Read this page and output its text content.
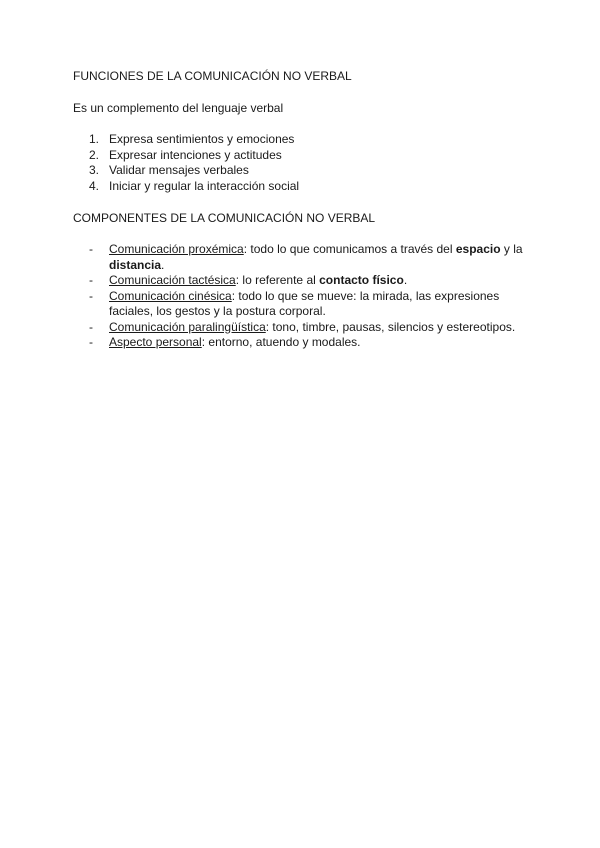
FUNCIONES DE LA COMUNICACIÓN NO VERBAL

Es un complemento del lenguaje verbal

1. Expresa sentimientos y emociones
2. Expresar intenciones y actitudes
3. Validar mensajes verbales
4. Iniciar y regular la interacción social

COMPONENTES DE LA COMUNICACIÓN NO VERBAL

-	Comunicación proxémica: todo lo que comunicamos a través del espacio y la distancia.
-	Comunicación tactésica: lo referente al contacto físico.
-	Comunicación cinésica: todo lo que se mueve: la mirada, las expresiones faciales, los gestos y la postura corporal.
-	Comunicación paralingüística: tono, timbre, pausas, silencios y estereotipos.
-	Aspecto personal: entorno, atuendo y modales.
